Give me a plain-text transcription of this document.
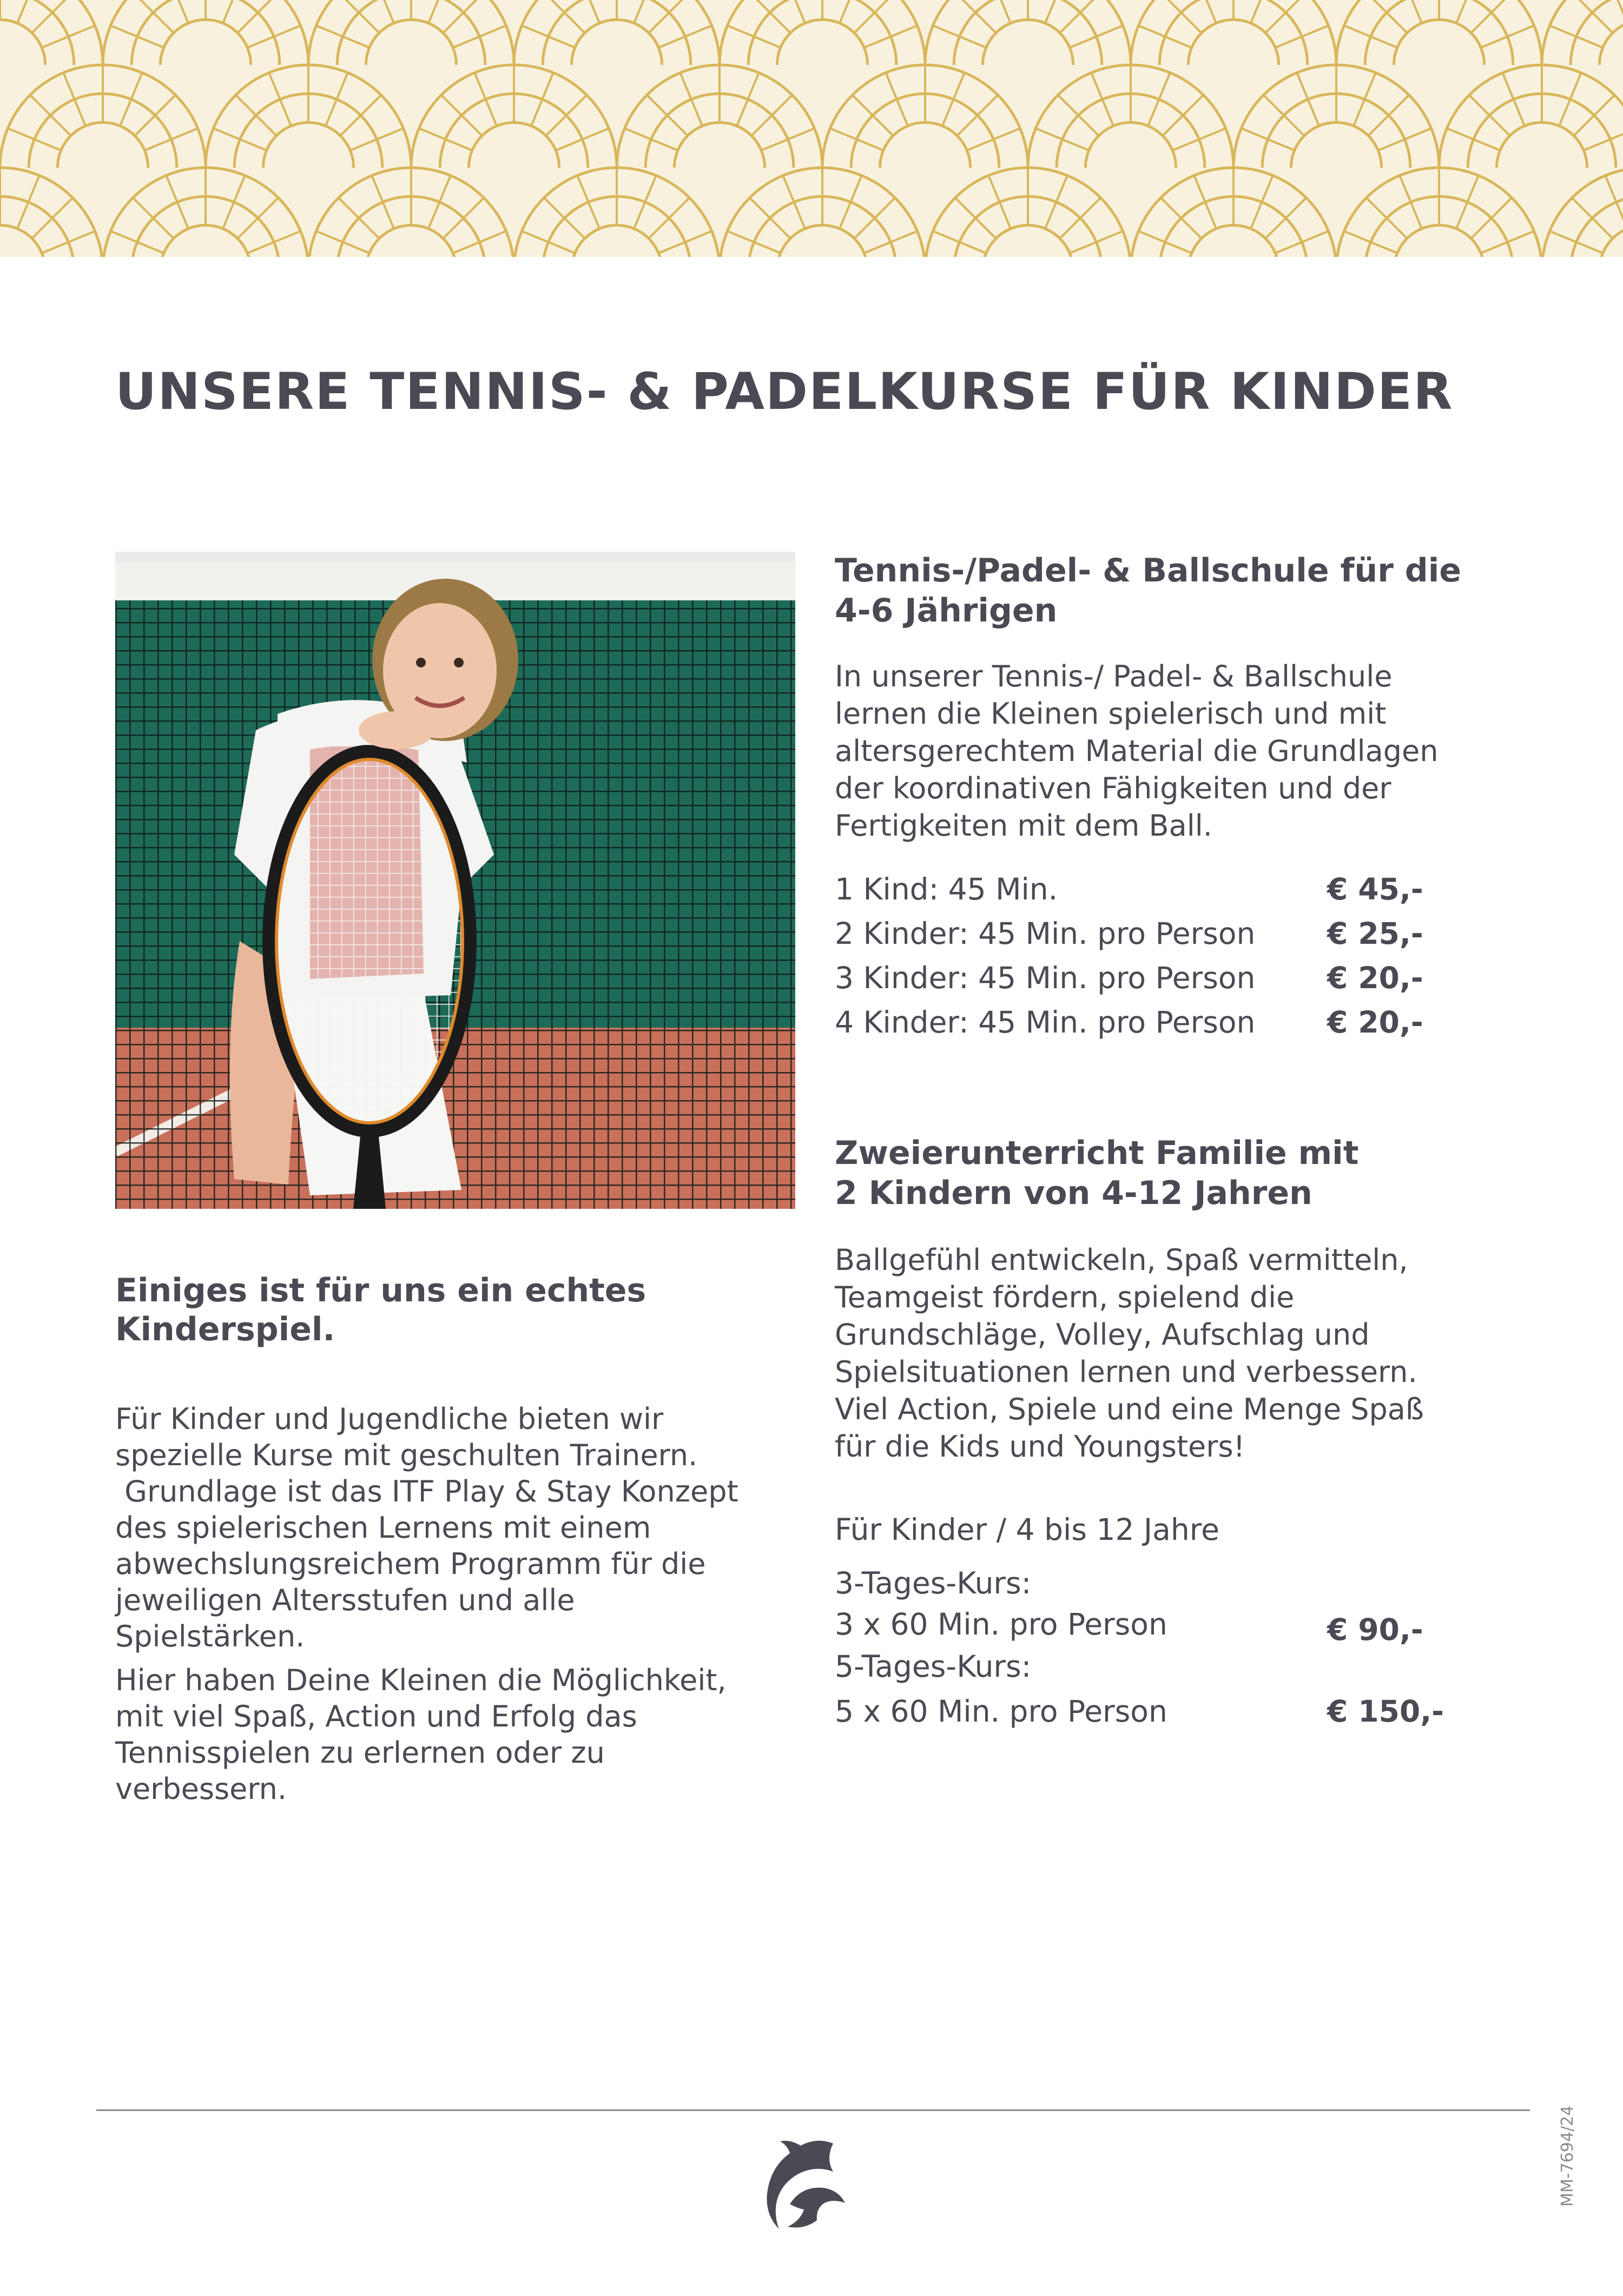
UNSERE TENNIS- & PADELKURSE FÜR KINDER
Einiges ist für uns ein echtes
Kinderspiel.

Für Kinder und Jugendliche bieten wir
spezielle Kurse mit geschulten Trainern.
Grundlage ist das ITF Play & Stay Konzept
des spielerischen Lernens mit einem
abwechslungsreichem Programm für die
jeweiligen Altersstufen und alle
Spielstärken.

Hier haben Deine Kleinen die Möglichkeit,
mit viel Spaß, Action und Erfolg das
Tennisspielen zu erlernen oder zu
verbessern.

Tennis-/Padel- & Ballschule für die
4-6 Jährigen

In unserer Tennis-/ Padel- & Ballschule
lernen die Kleinen spielerisch und mit
altersgerechtem Material die Grundlagen
der koordinativen Fähigkeiten und der
Fertigkeiten mit dem Ball.

1 Kind: 45 Min.	€ 45,-
2 Kinder: 45 Min. pro Person € 25,-
3 Kinder: 45 Min. pro Person € 20,-
4 Kinder: 45 Min. pro Person € 20,-
Zweierunterricht Familie mit
2 Kindern von 4-12 Jahren

Ballgefühl entwickeln, Spaß vermitteln,
Teamgeist fördern, spielend die
Grundschläge, Volley, Aufschlag und
Spielsituationen lernen und verbessern.
Viel Action, Spiele und eine Menge Spaß
für die Kids und Youngsters!

Für Kinder / 4 bis 12 Jahre
3-Tages-Kurs:
3 x 60 Min. pro Person	€ 90,-
5-Tages-Kurs:
5 x 60 Min. pro Person	€ 150,-
MM-7694/24
